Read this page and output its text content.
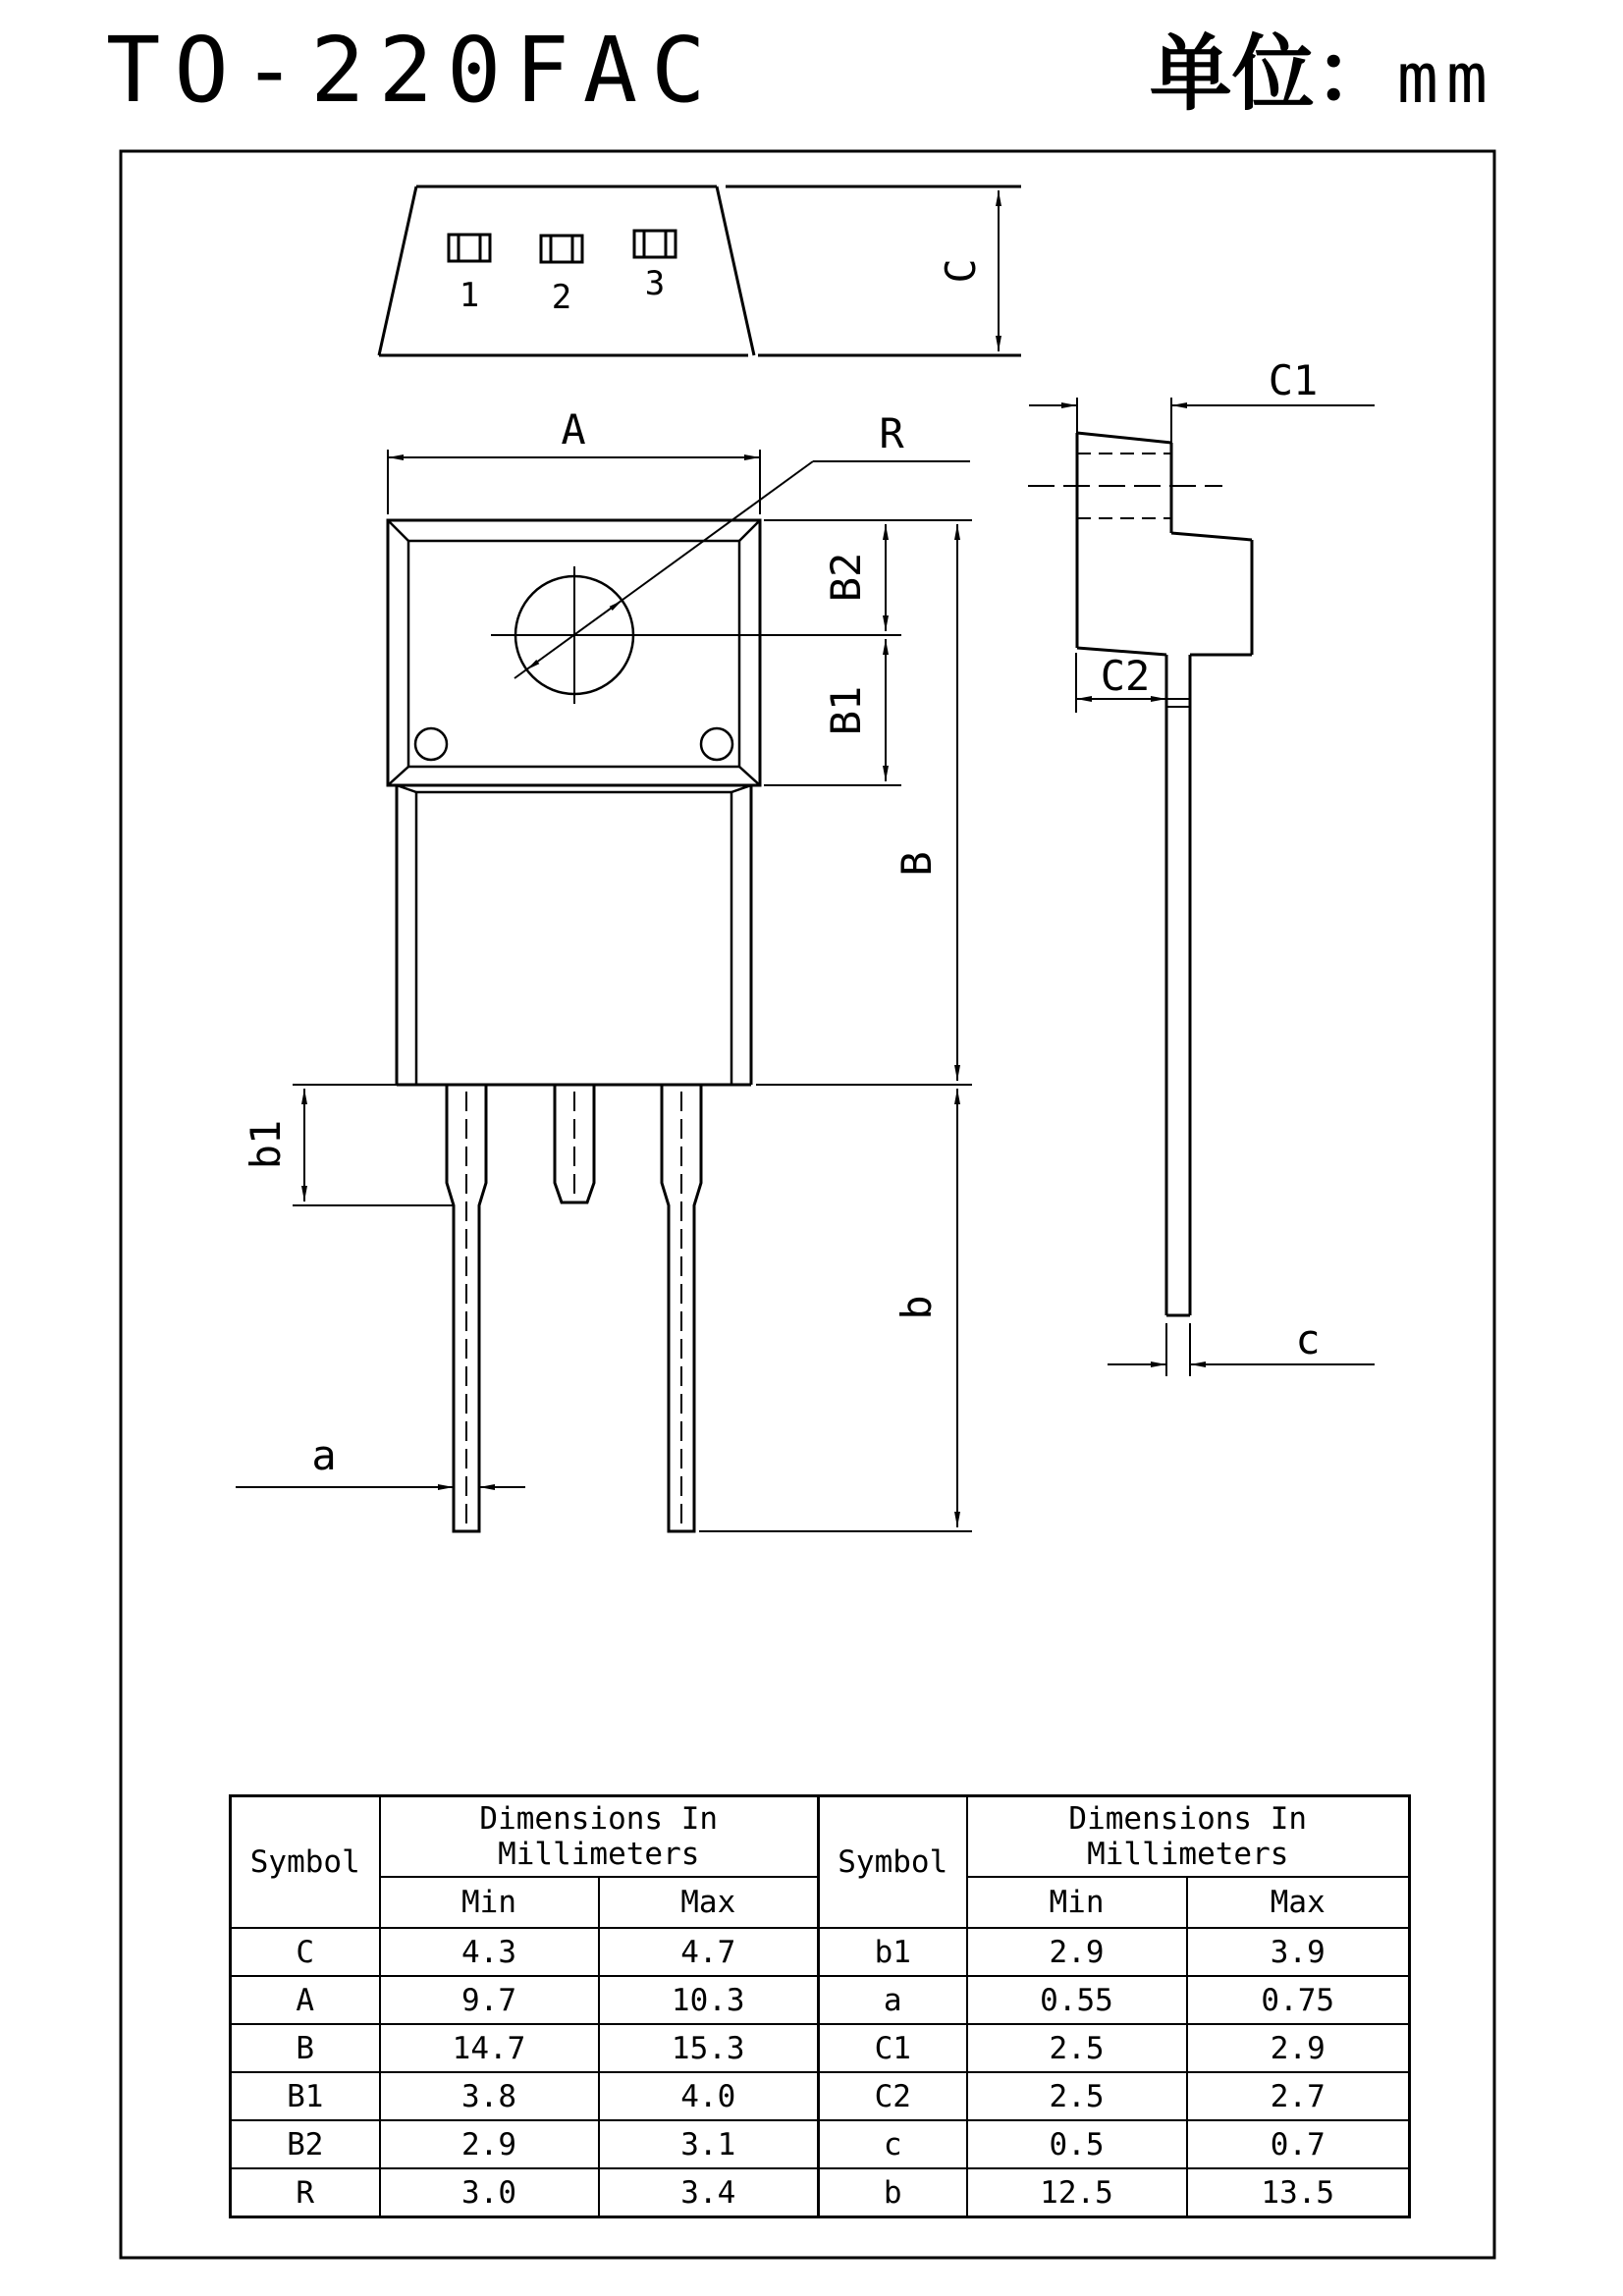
TO-220FAC	单位：mm
1 2 3	C
A	R
B2
B1
B
b
b1
a
C1
C2
c
Symbol	Dimensions In Millimeters	
	Min	Max
C	4.3	4.7
A	9.7	10.3
B	14.7	15.3
B1	3.8	4.0
B2	2.9	3.1
R	3.0	3.4
Symbol	Dimensions In Millimeters	
	Min	Max
b1	2.9	3.9
a	0.55	0.75
C1	2.5	2.9
C2	2.5	2.7
c	0.5	0.7
b	12.5	13.5
